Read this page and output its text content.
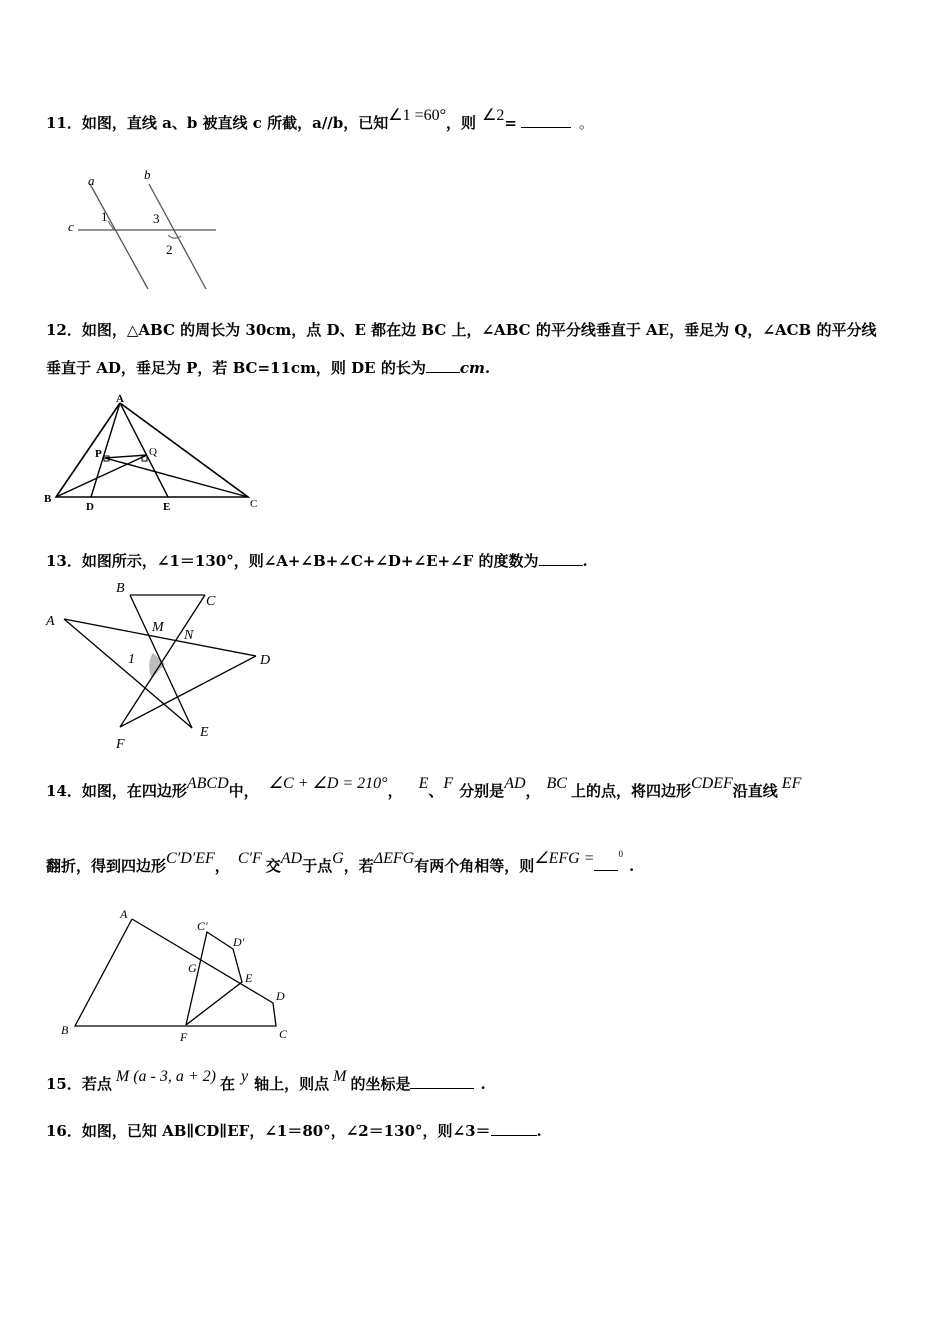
11．如图，直线 a、b 被直线 c 所截，a//b，已知∠1 =60°，则 ∠2=	。
a	b
c
1	3
2
12．如图，△ABC 的周长为 30cm，点 D、E 都在边 BC 上，∠ABC 的平分线垂直于 AE，垂足为 Q，∠ACB 的平分线
垂直于 AD，垂足为 P，若 BC=11cm，则 DE 的长为 cm.
A
B	C
D	E
P	Q
13．如图所示，∠1＝130°，则∠A+∠B+∠C+∠D+∠E+∠F 的度数为	.
A
B
C
D
E
F
M
N
1
14．如图，在四边形ABCD中， ∠C + ∠D = 210°， E、F 分别是AD， BC 上的点，将四边形CDEF沿直线 EF
翻折，得到四边形C′D′EF， C′F 交AD于点G，若ΔEFG有两个角相等，则∠EFG =	$^0$.
A
B	C
D
E
F
G
C′
D′
15．若点 M (a - 3, a + 2) 在 y 轴上，则点 M 的坐标是	.
16．如图，已知 AB∥CD∥EF，∠1＝80°，∠2＝130°，则∠3＝	.
